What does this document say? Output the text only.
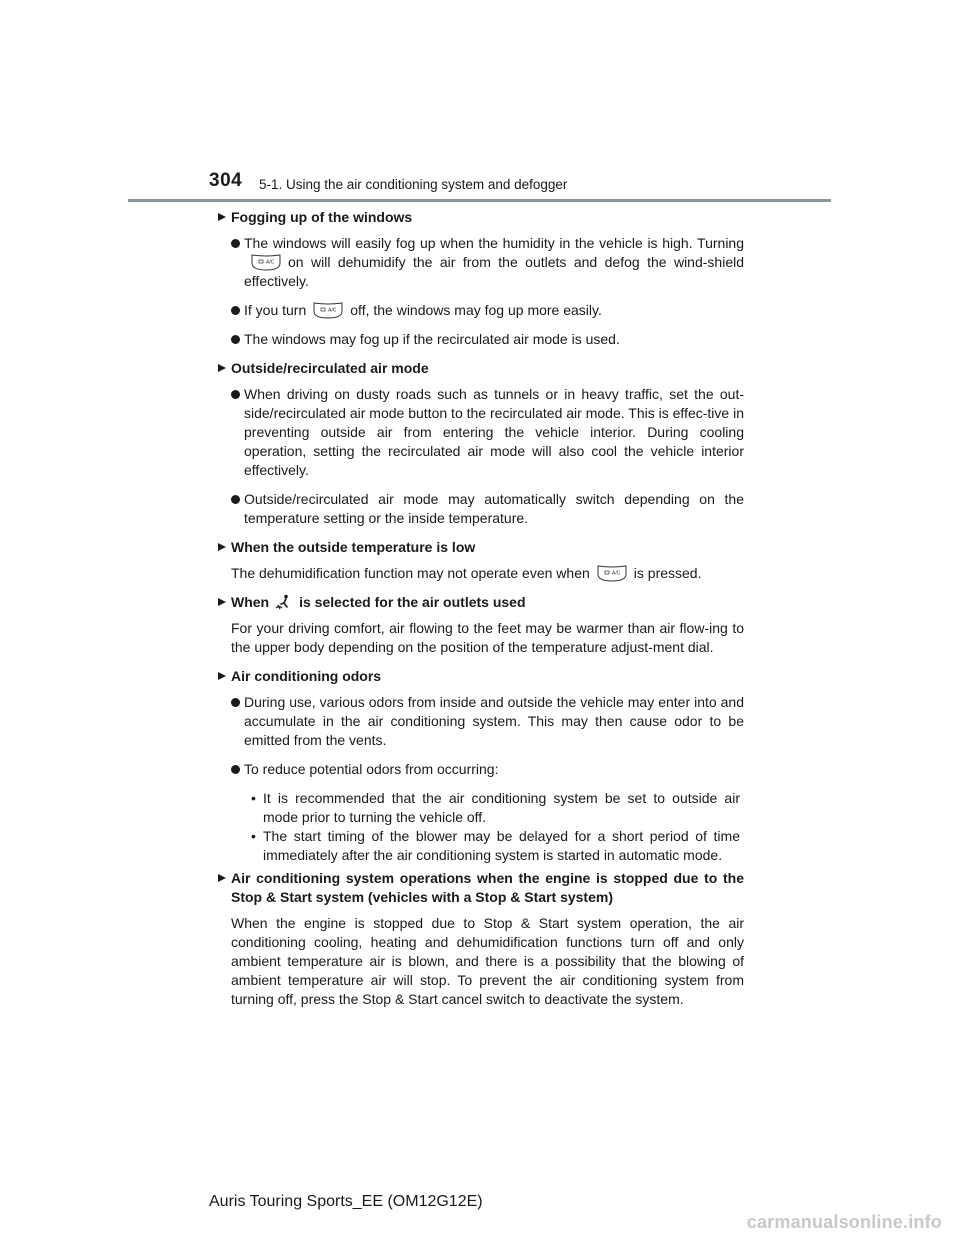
304 5-1. Using the air conditioning system and defogger
Fogging up of the windows
The windows will easily fog up when the humidity in the vehicle is high. Turning
A/C on will dehumidify the air from the outlets and defog the wind-shield effectively.
If you turn	A/C off, the windows may fog up more easily.
The windows may fog up if the recirculated air mode is used.
Outside/recirculated air mode
When driving on dusty roads such as tunnels or in heavy traffic, set the out-side/recirculated air mode button to the recirculated air mode. This is effec-tive in preventing outside air from entering the vehicle interior. During cooling operation, setting the recirculated air mode will also cool the vehicle interior effectively.
Outside/recirculated air mode may automatically switch depending on the temperature setting or the inside temperature.
When the outside temperature is low
The dehumidification function may not operate even when	A/C is pressed.
When is selected for the air outlets used
For your driving comfort, air flowing to the feet may be warmer than air flow-ing to the upper body depending on the position of the temperature adjust-ment dial.
Air conditioning odors
During use, various odors from inside and outside the vehicle may enter into and accumulate in the air conditioning system. This may then cause odor to be emitted from the vents.
To reduce potential odors from occurring:
• It is recommended that the air conditioning system be set to outside air mode prior to turning the vehicle off.
• The start timing of the blower may be delayed for a short period of time immediately after the air conditioning system is started in automatic mode.
Air conditioning system operations when the engine is stopped due to the Stop & Start system (vehicles with a Stop & Start system)
When the engine is stopped due to Stop & Start system operation, the air conditioning cooling, heating and dehumidification functions turn off and only ambient temperature air is blown, and there is a possibility that the blowing of ambient temperature air will stop. To prevent the air conditioning system from turning off, press the Stop & Start cancel switch to deactivate the system.
Auris Touring Sports_EE (OM12G12E)
carmanualsonline.info
